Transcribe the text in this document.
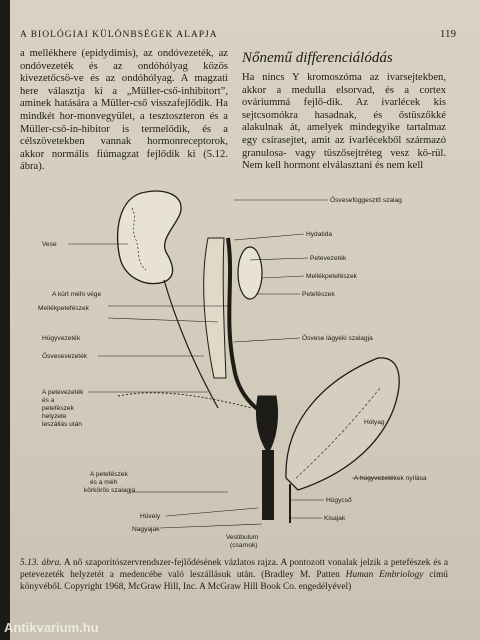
A BIOLÓGIAI KÜLÖNBSÉGEK ALAPJA	119

a mellékhere (epidydimis), az ondóvezeték, az ondóvezeték és az ondóhólyag közös kivezetőcsö-ve és az ondóhólyag. A magzati here választja ki a „Müller-cső-inhibitort”, aminek hatására a Müller-cső visszafejlődik. Ha mindkét hor-monvegyület, a tesztoszteron és a Müller-cső-in-hibitor is termelődik, és a célszövetekben vannak hormonreceptorok, akkor normális fiúmagzat fejlődik ki (5.12. ábra).

Nőnemű differenciálódás

Ha nincs Y kromoszóma az ivarsejtekben, akkor a medulla elsorvad, és a cortex ováriummá fejlő-dik. Az ivarlécek kis sejtcsomókra hasadnak, és őstüszőkké alakulnak át, amelyek mindegyike tartalmaz egy csírasejtet, amit az ivarlécekből származó granulosa- vagy tüszősejtréteg vesz kö-rül. Nem kell hormont elválasztani és nem kell

Ősvesefüggesztő szalag
Hydatida
Petevezeték
Mellékpetefészek
Petefészek
Ősvese lágyéki szalagja
Hólyag
A húgyvezetékek nyílása
Húgycső
Kisajak
Vese
A kürt méhi vége
Mellékpetefészek
Húgyvezeték
Ősvesevezeték
A petevezeték
és a
petefészek
helyzete
leszállás után
A petefészek
és a méh
körkörös szalagja
Hüvely
Nagyajak
Vestibulum
(csarnok)
5.13. ábra. A nő szaporítószervrendszer-fejlődésének vázlatos rajza. A pontozott vonalak jelzik a petefészek és a petevezeték helyzetét a medencébe való leszállásuk után. (Bradley M. Patten Human Embriology című könyvéből. Copyright 1968, McGraw Hill, Inc. A McGraw Hill Book Co. engedélyével)
Antikvarium.hu
